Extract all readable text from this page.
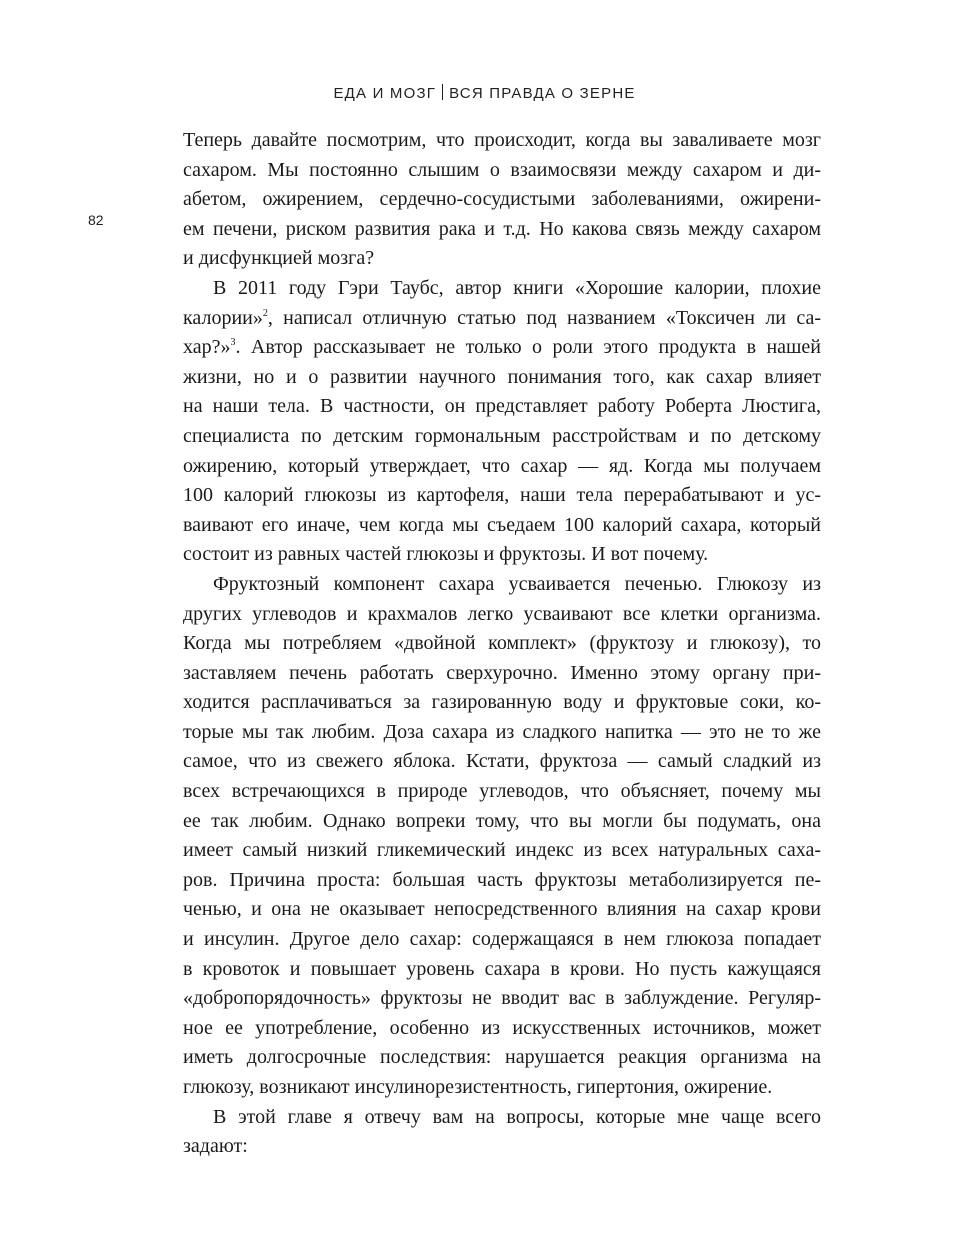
ЕДА И МОЗГ ВСЯ ПРАВДА О ЗЕРНЕ
82

Теперь давайте посмотрим, что происходит, когда вы заваливаете мозг
сахаром. Мы постоянно слышим о взаимосвязи между сахаром и ди-
абетом, ожирением, сердечно-сосудистыми заболеваниями, ожирени-
ем печени, риском развития рака и т.д. Но какова связь между сахаром
и дисфункцией мозга?

В 2011 году Гэри Таубс, автор книги «Хорошие калории, плохие
калории»$^2$, написал отличную статью под названием «Токсичен ли са-
хар?»$^3$. Автор рассказывает не только о роли этого продукта в нашей
жизни, но и о развитии научного понимания того, как сахар влияет
на наши тела. В частности, он представляет работу Роберта Люстига,
специалиста по детским гормональным расстройствам и по детскому
ожирению, который утверждает, что сахар — яд. Когда мы получаем
100 калорий глюкозы из картофеля, наши тела перерабатывают и ус-
ваивают его иначе, чем когда мы съедаем 100 калорий сахара, который
состоит из равных частей глюкозы и фруктозы. И вот почему.

Фруктозный компонент сахара усваивается печенью. Глюкозу из
других углеводов и крахмалов легко усваивают все клетки организма.
Когда мы потребляем «двойной комплект» (фруктозу и глюкозу), то
заставляем печень работать сверхурочно. Именно этому органу при-
ходится расплачиваться за газированную воду и фруктовые соки, ко-
торые мы так любим. Доза сахара из сладкого напитка — это не то же
самое, что из свежего яблока. Кстати, фруктоза — самый сладкий из
всех встречающихся в природе углеводов, что объясняет, почему мы
ее так любим. Однако вопреки тому, что вы могли бы подумать, она
имеет самый низкий гликемический индекс из всех натуральных саха-
ров. Причина проста: большая часть фруктозы метаболизируется пе-
ченью, и она не оказывает непосредственного влияния на сахар крови
и инсулин. Другое дело сахар: содержащаяся в нем глюкоза попадает
в кровоток и повышает уровень сахара в крови. Но пусть кажущаяся
«добропорядочность» фруктозы не вводит вас в заблуждение. Регуляр-
ное ее употребление, особенно из искусственных источников, может
иметь долгосрочные последствия: нарушается реакция организма на
глюкозу, возникают инсулинорезистентность, гипертония, ожирение.

В этой главе я отвечу вам на вопросы, которые мне чаще всего
задают:
